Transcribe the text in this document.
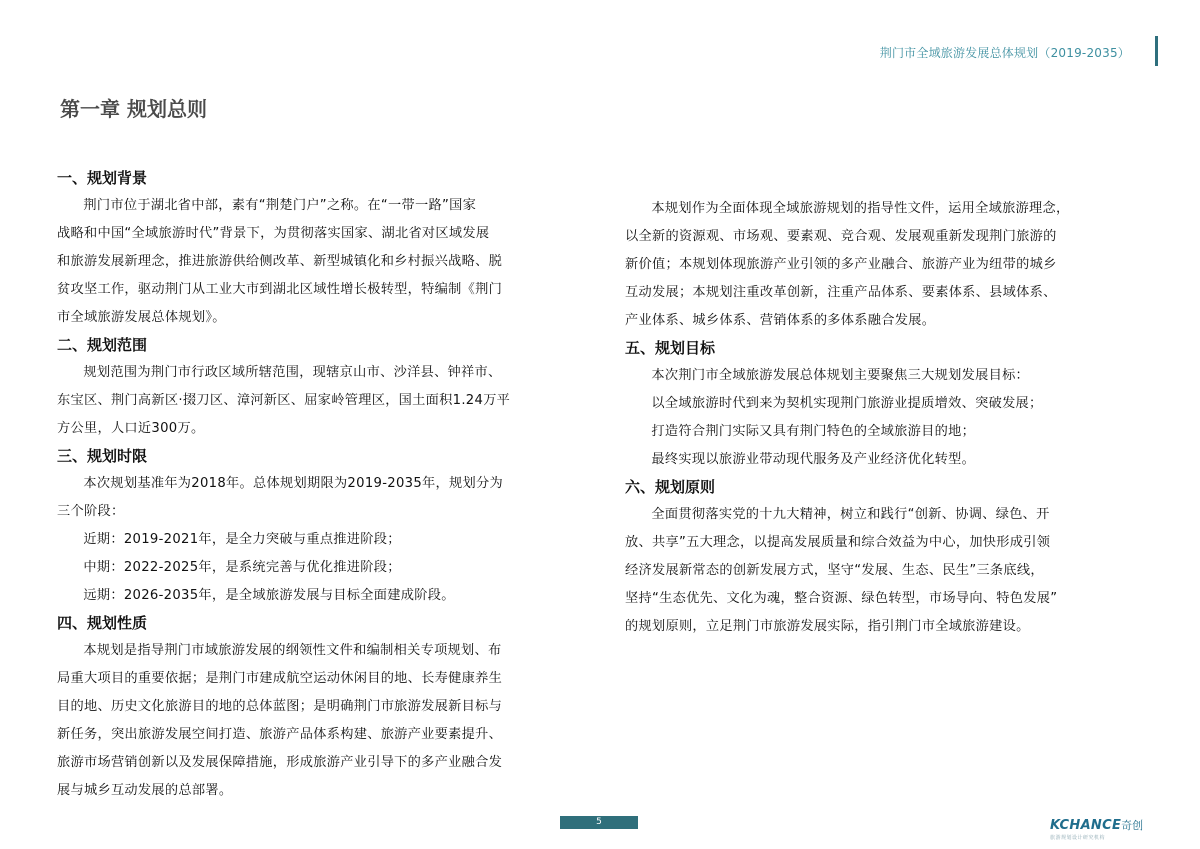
荆门市全域旅游发展总体规划（2019-2035）
第一章 规划总则
一、规划背景
荆门市位于湖北省中部，素有“荆楚门户”之称。在“一带一路”国家
战略和中国“全域旅游时代”背景下，为贯彻落实国家、湖北省对区域发展
和旅游发展新理念，推进旅游供给侧改革、新型城镇化和乡村振兴战略、脱
贫攻坚工作，驱动荆门从工业大市到湖北区域性增长极转型，特编制《荆门
市全域旅游发展总体规划》。
二、规划范围
规划范围为荆门市行政区域所辖范围，现辖京山市、沙洋县、钟祥市、
东宝区、荆门高新区·掇刀区、漳河新区、屈家岭管理区，国土面积1.24万平
方公里，人口近300万。
三、规划时限
本次规划基准年为2018年。总体规划期限为2019-2035年，规划分为
三个阶段：
近期：2019-2021年，是全力突破与重点推进阶段；
中期：2022-2025年，是系统完善与优化推进阶段；
远期：2026-2035年，是全域旅游发展与目标全面建成阶段。
四、规划性质
本规划是指导荆门市域旅游发展的纲领性文件和编制相关专项规划、布
局重大项目的重要依据；是荆门市建成航空运动休闲目的地、长寿健康养生
目的地、历史文化旅游目的地的总体蓝图；是明确荆门市旅游发展新目标与
新任务，突出旅游发展空间打造、旅游产品体系构建、旅游产业要素提升、
旅游市场营销创新以及发展保障措施，形成旅游产业引导下的多产业融合发
展与城乡互动发展的总部署。
本规划作为全面体现全域旅游规划的指导性文件，运用全域旅游理念，
以全新的资源观、市场观、要素观、竞合观、发展观重新发现荆门旅游的
新价值；本规划体现旅游产业引领的多产业融合、旅游产业为纽带的城乡
互动发展；本规划注重改革创新，注重产品体系、要素体系、县域体系、
产业体系、城乡体系、营销体系的多体系融合发展。
五、规划目标
本次荆门市全域旅游发展总体规划主要聚焦三大规划发展目标：
以全域旅游时代到来为契机实现荆门旅游业提质增效、突破发展；
打造符合荆门实际又具有荆门特色的全域旅游目的地；
最终实现以旅游业带动现代服务及产业经济优化转型。
六、规划原则
全面贯彻落实党的十九大精神，树立和践行“创新、协调、绿色、开
放、共享”五大理念，以提高发展质量和综合效益为中心，加快形成引领
经济发展新常态的创新发展方式，坚守“发展、生态、民生”三条底线，
坚持“生态优先、文化为魂，整合资源、绿色转型，市场导向、特色发展”
的规划原则，立足荆门市旅游发展实际，指引荆门市全域旅游建设。
5	KCHANCE奇创
旅游规划设计研究机构
